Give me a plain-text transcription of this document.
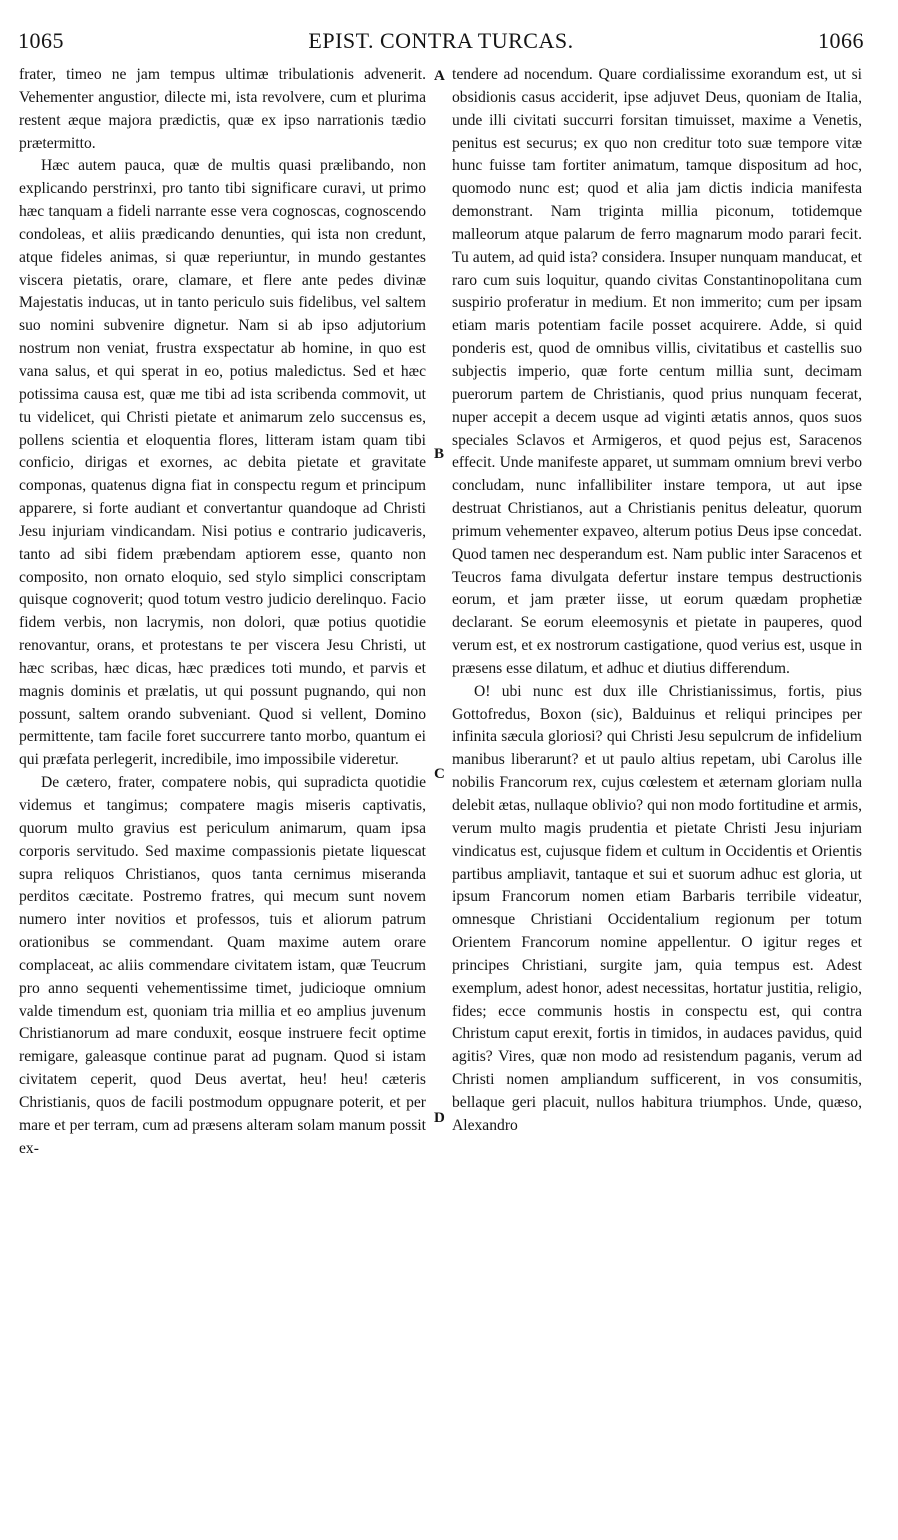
1065	EPIST. CONTRA TURCAS.	1066

frater, timeo ne jam tempus ultimæ tribulationis advenerit. Vehementer angustior, dilecte mi, ista revolvere, cum et plurima restent æque majora prædictis, quæ ex ipso narrationis tædio prætermitto.

Hæc autem pauca, quæ de multis quasi prælibando, non explicando perstrinxi, pro tanto tibi significare curavi, ut primo hæc tanquam a fideli narrante esse vera cognoscas, cognoscendo condoleas, et aliis prædicando denunties, qui ista non credunt, atque fideles animas, si quæ reperiuntur, in mundo gestantes viscera pietatis, orare, clamare, et flere ante pedes divinæ Majestatis inducas, ut in tanto periculo suis fidelibus, vel saltem suo nomini subvenire dignetur. Nam si ab ipso adjutorium nostrum non veniat, frustra exspectatur ab homine, in quo est vana salus, et qui sperat in eo, potius maledictus. Sed et hæc potissima causa est, quæ me tibi ad ista scribenda commovit, ut tu videlicet, qui Christi pietate et animarum zelo succensus es, pollens scientia et eloquentia flores, litteram istam quam tibi conficio, dirigas et exornes, ac debita pietate et gravitate componas, quatenus digna fiat in conspectu regum et principum apparere, si forte audiant et convertantur quandoque ad Christi Jesu injuriam vindicandam. Nisi potius e contrario judicaveris, tanto ad sibi fidem præbendam aptiorem esse, quanto non composito, non ornato eloquio, sed stylo simplici conscriptam quisque cognoverit; quod totum vestro judicio derelinquo. Facio fidem verbis, non lacrymis, non dolori, quæ potius quotidie renovantur, orans, et protestans te per viscera Jesu Christi, ut hæc scribas, hæc dicas, hæc prædices toti mundo, et parvis et magnis dominis et prælatis, ut qui possunt pugnando, qui non possunt, saltem orando subveniant. Quod si vellent, Domino permittente, tam facile foret succurrere tanto morbo, quantum ei qui præfata perlegerit, incredibile, imo impossibile videretur.

De cætero, frater, compatere nobis, qui supradicta quotidie videmus et tangimus; compatere magis miseris captivatis, quorum multo gravius est periculum animarum, quam ipsa corporis servitudo. Sed maxime compassionis pietate liquescat supra reliquos Christianos, quos tanta cernimus miseranda perditos cæcitate. Postremo fratres, qui mecum sunt novem numero inter novitios et professos, tuis et aliorum patrum orationibus se commendant. Quam maxime autem orare complaceat, ac aliis commendare civitatem istam, quæ Teucrum pro anno sequenti vehementissime timet, judicioque omnium valde timendum est, quoniam tria millia et eo amplius juvenum Christianorum ad mare conduxit, eosque instruere fecit optime remigare, galeasque continue parat ad pugnam. Quod si istam civitatem ceperit, quod Deus avertat, heu! heu! cæteris Christianis, quos de facili postmodum oppugnare poterit, et per mare et per terram, cum ad præsens alteram solam manum possit ex-

A
B
C
D

tendere ad nocendum. Quare cordialissime exorandum est, ut si obsidionis casus acciderit, ipse adjuvet Deus, quoniam de Italia, unde illi civitati succurri forsitan timuisset, maxime a Venetis, penitus est securus; ex quo non creditur toto suæ tempore vitæ hunc fuisse tam fortiter animatum, tamque dispositum ad hoc, quomodo nunc est; quod et alia jam dictis indicia manifesta demonstrant. Nam triginta millia piconum, totidemque malleorum atque palarum de ferro magnarum modo parari fecit. Tu autem, ad quid ista? considera. Insuper nunquam manducat, et raro cum suis loquitur, quando civitas Constantinopolitana cum suspirio proferatur in medium. Et non immerito; cum per ipsam etiam maris potentiam facile posset acquirere. Adde, si quid ponderis est, quod de omnibus villis, civitatibus et castellis suo subjectis imperio, quæ forte centum millia sunt, decimam puerorum partem de Christianis, quod prius nunquam fecerat, nuper accepit a decem usque ad viginti ætatis annos, quos suos speciales Sclavos et Armigeros, et quod pejus est, Saracenos effecit. Unde manifeste apparet, ut summam omnium brevi verbo concludam, nunc infallibiliter instare tempora, ut aut ipse destruat Christianos, aut a Christianis penitus deleatur, quorum primum vehementer expaveo, alterum potius Deus ipse concedat. Quod tamen nec desperandum est. Nam public inter Saracenos et Teucros fama divulgata defertur instare tempus destructionis eorum, et jam præter iisse, ut eorum quædam prophetiæ declarant. Se eorum eleemosynis et pietate in pauperes, quod verum est, et ex nostrorum castigatione, quod verius est, usque in præsens esse dilatum, et adhuc et diutius differendum.

O! ubi nunc est dux ille Christianissimus, fortis, pius Gottofredus, Boxon (sic), Balduinus et reliqui principes per infinita sæcula gloriosi? qui Christi Jesu sepulcrum de infidelium manibus liberarunt? et ut paulo altius repetam, ubi Carolus ille nobilis Francorum rex, cujus cœlestem et æternam gloriam nulla delebit ætas, nullaque oblivio? qui non modo fortitudine et armis, verum multo magis prudentia et pietate Christi Jesu injuriam vindicatus est, cujusque fidem et cultum in Occidentis et Orientis partibus ampliavit, tantaque et sui et suorum adhuc est gloria, ut ipsum Francorum nomen etiam Barbaris terribile videatur, omnesque Christiani Occidentalium regionum per totum Orientem Francorum nomine appellentur. O igitur reges et principes Christiani, surgite jam, quia tempus est. Adest exemplum, adest honor, adest necessitas, hortatur justitia, religio, fides; ecce communis hostis in conspectu est, qui contra Christum caput erexit, fortis in timidos, in audaces pavidus, quid agitis? Vires, quæ non modo ad resistendum paganis, verum ad Christi nomen ampliandum sufficerent, in vos consumitis, bellaque geri placuit, nullos habitura triumphos. Unde, quæso, Alexandro
